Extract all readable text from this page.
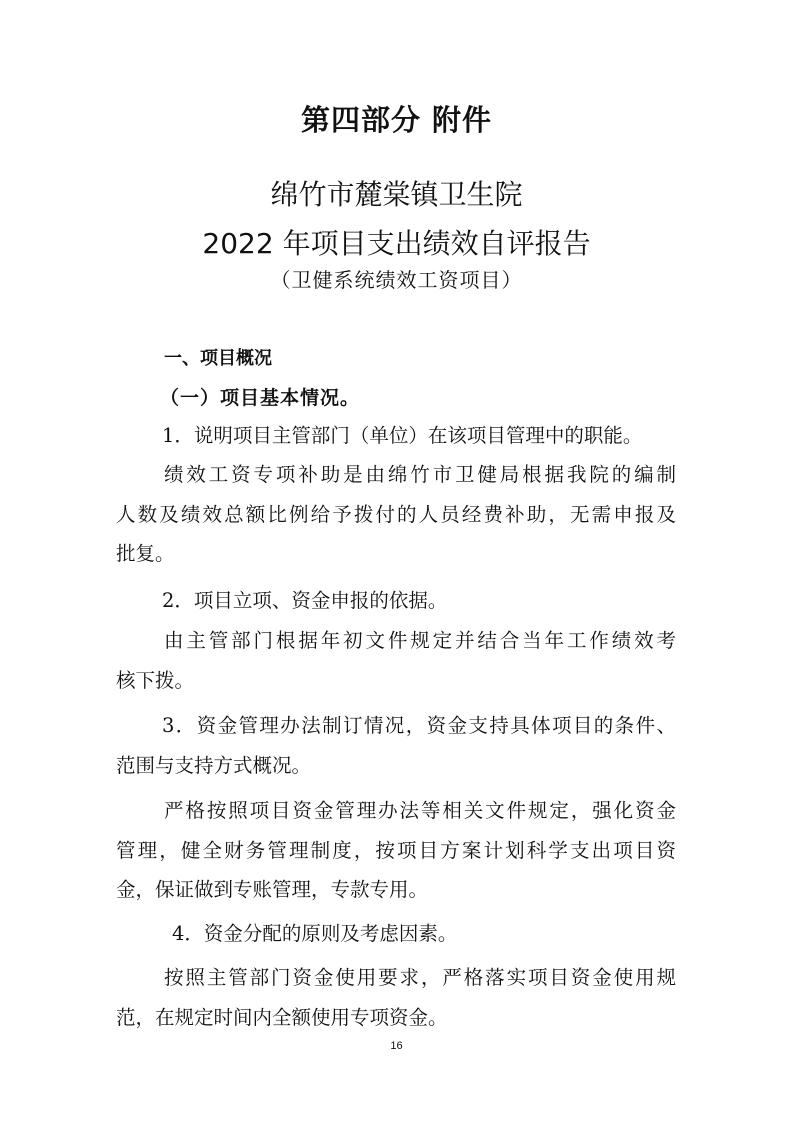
第四部分 附件
绵竹市麓棠镇卫生院
2022 年项目支出绩效自评报告
（卫健系统绩效工资项目）
一、项目概况
（一）项目基本情况。
1．说明项目主管部门（单位）在该项目管理中的职能。
绩效工资专项补助是由绵竹市卫健局根据我院的编制
人数及绩效总额比例给予拨付的人员经费补助，无需申报及
批复。
2．项目立项、资金申报的依据。
由主管部门根据年初文件规定并结合当年工作绩效考
核下拨。
3．资金管理办法制订情况，资金支持具体项目的条件、
范围与支持方式概况。
严格按照项目资金管理办法等相关文件规定，强化资金
管理，健全财务管理制度，按项目方案计划科学支出项目资
金，保证做到专账管理，专款专用。
4．资金分配的原则及考虑因素。
按照主管部门资金使用要求，严格落实项目资金使用规
范，在规定时间内全额使用专项资金。
16
